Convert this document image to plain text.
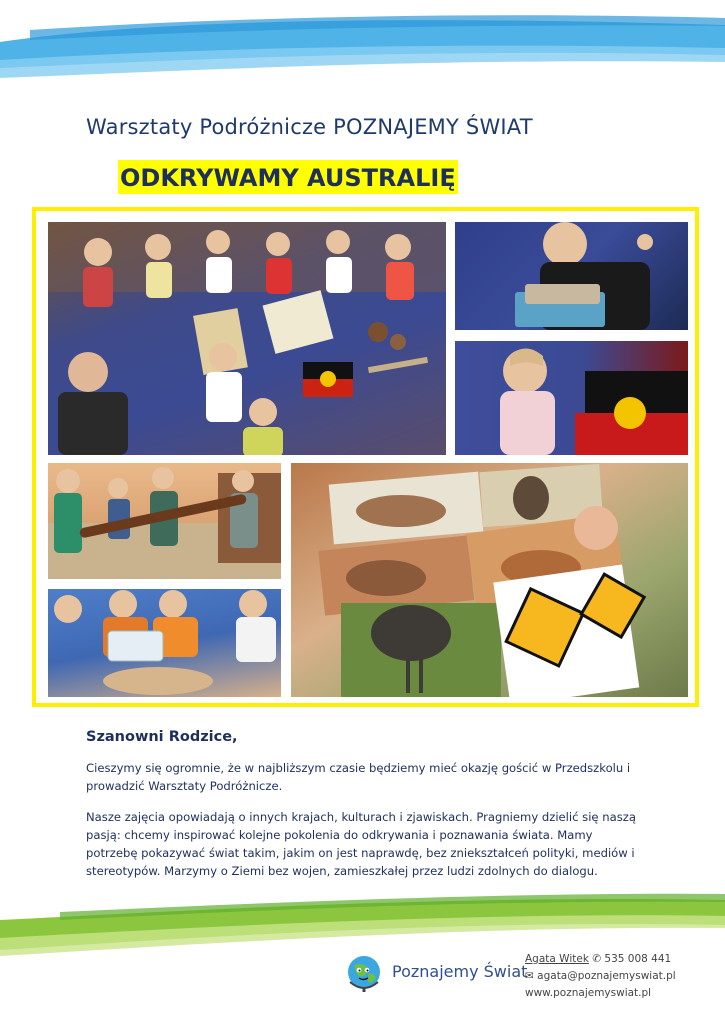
Warsztaty Podróżnicze POZNAJEMY ŚWIAT
ODKRYWAMY AUSTRALIĘ
Szanowni Rodzice,
Cieszymy się ogromnie, że w najbliższym czasie będziemy mieć okazję gościć w Przedszkolu i prowadzić Warsztaty Podróżnicze.
Nasze zajęcia opowiadają o innych krajach, kulturach i zjawiskach. Pragniemy dzielić się naszą pasją: chcemy inspirować kolejne pokolenia do odkrywania i poznawania świata. Mamy potrzebę pokazywać świat takim, jakim on jest naprawdę, bez zniekształceń polityki, mediów i stereotypów. Marzymy o Ziemi bez wojen, zamieszkałej przez ludzi zdolnych do dialogu.
Poznajemy Świat
Agata Witek ✆ 535 008 441
✉ agata@poznajemyswiat.pl
www.poznajemyswiat.pl
